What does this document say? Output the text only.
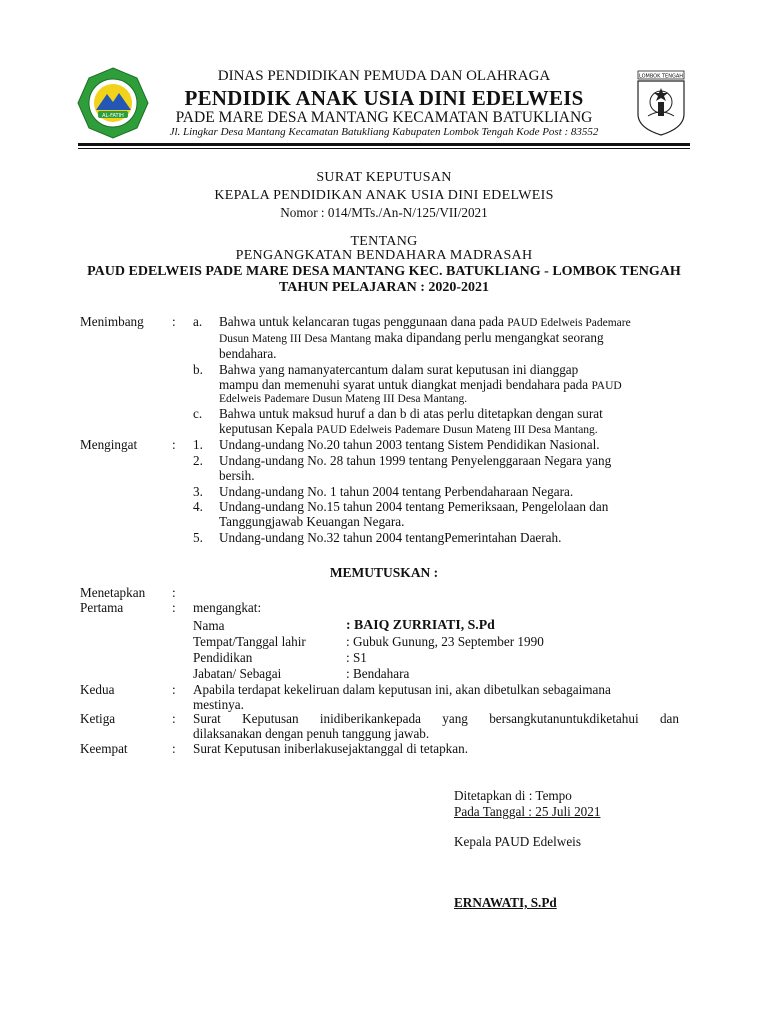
AL-FATIH
LOMBOK TENGAH
DINAS PENDIDIKAN PEMUDA DAN OLAHRAGA
PENDIDIK ANAK USIA DINI EDELWEIS
PADE MARE DESA MANTANG KECAMATAN BATUKLIANG
Jl. Lingkar Desa Mantang Kecamatan Batukliang Kabupaten Lombok Tengah Kode Post : 83552
SURAT KEPUTUSAN
KEPALA PENDIDIKAN ANAK USIA DINI EDELWEIS
Nomor : 014/MTs./An-N/125/VII/2021
TENTANG
PENGANGKATAN BENDAHARA MADRASAH
PAUD EDELWEIS PADE MARE DESA MANTANG KEC. BATUKLIANG - LOMBOK TENGAH
TAHUN PELAJARAN : 2020-2021
Menimbang : a. Bahwa untuk kelancaran tugas penggunaan dana pada PAUD Edelweis Pademare
Dusun Mateng III Desa Mantang maka dipandang perlu mengangkat seorang
bendahara.
b. Bahwa yang namanyatercantum dalam surat keputusan ini dianggap
mampu dan memenuhi syarat untuk diangkat menjadi bendahara pada PAUD
Edelweis Pademare Dusun Mateng III Desa Mantang.
c. Bahwa untuk maksud huruf a dan b di atas perlu ditetapkan dengan surat
keputusan Kepala PAUD Edelweis Pademare Dusun Mateng III Desa Mantang.
Mengingat	: 1. Undang-undang No.20 tahun 2003 tentang Sistem Pendidikan Nasional.
2. Undang-undang No. 28 tahun 1999 tentang Penyelenggaraan Negara yang
bersih.
3. Undang-undang No. 1 tahun 2004 tentang Perbendaharaan Negara.
4. Undang-undang No.15 tahun 2004 tentang Pemeriksaan, Pengelolaan dan
Tanggungjawab Keuangan Negara.
5. Undang-undang No.32 tahun 2004 tentangPemerintahan Daerah.
MEMUTUSKAN :
Menetapkan :
Pertama	: mengangkat:
Nama	: BAIQ ZURRIATI, S.Pd
Tempat/Tanggal lahir	: Gubuk Gunung, 23 September 1990
Pendidikan	: S1
Jabatan/ Sebagai	: Bendahara
Kedua	: Apabila terdapat kekeliruan dalam keputusan ini, akan dibetulkan sebagaimana
mestinya.
Ketiga	: Surat Keputusan inidiberikankepada yang bersangkutanuntukdiketahui dan
dilaksanakan dengan penuh tanggung jawab.
Keempat	: Surat Keputusan iniberlakusejaktanggal di tetapkan.
Ditetapkan di : Tempo
Pada Tanggal : 25 Juli 2021
Kepala PAUD Edelweis
ERNAWATI, S.Pd
